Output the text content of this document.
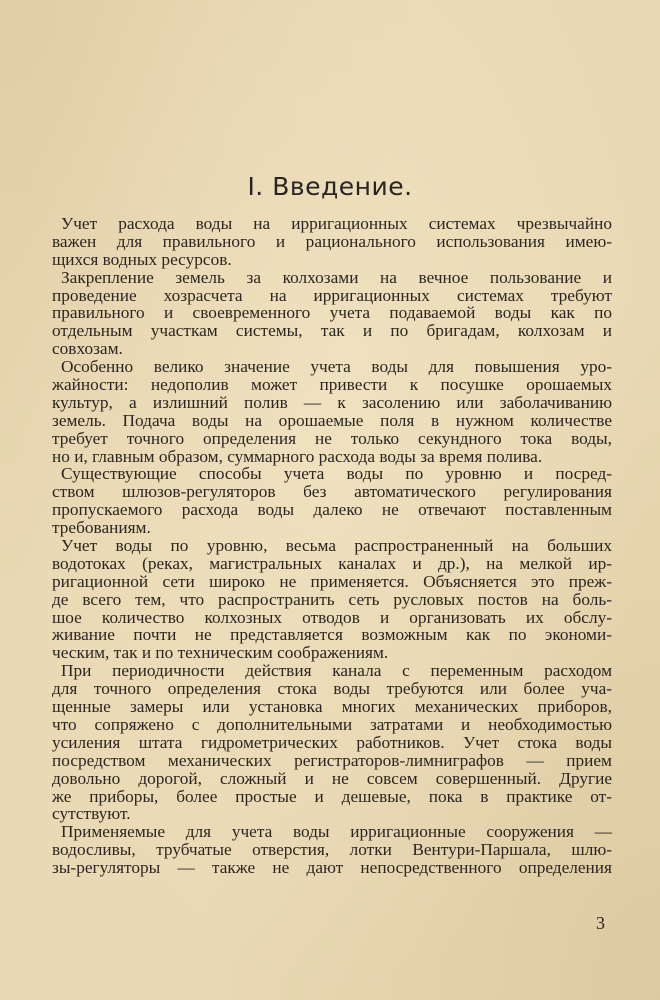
I. Введение.

Учет расхода воды на ирригационных системах чрезвычайно
важен для правильного и рационального использования имею-
щихся водных ресурсов.

Закрепление земель за колхозами на вечное пользование и
проведение хозрасчета на ирригационных системах требуют
правильного и своевременного учета подаваемой воды как по
отдельным участкам системы, так и по бригадам, колхозам и
совхозам.

Особенно велико значение учета воды для повышения уро-
жайности: недополив может привести к посушке орошаемых
культур, а излишний полив — к засолению или заболачиванию
земель. Подача воды на орошаемые поля в нужном количестве
требует точного определения не только секундного тока воды,
но и, главным образом, суммарного расхода воды за время полива.

Существующие способы учета воды по уровню и посред-
ством шлюзов-регуляторов без автоматического регулирования
пропускаемого расхода воды далеко не отвечают поставленным
требованиям.

Учет воды по уровню, весьма распространенный на больших
водотоках (реках, магистральных каналах и др.), на мелкой ир-
ригационной сети широко не применяется. Объясняется это преж-
де всего тем, что распространить сеть русловых постов на боль-
шое количество колхозных отводов и организовать их обслу-
живание почти не представляется возможным как по экономи-
ческим, так и по техническим соображениям.

При периодичности действия канала с переменным расходом
для точного определения стока воды требуются или более уча-
щенные замеры или установка многих механических приборов,
что сопряжено с дополнительными затратами и необходимостью
усиления штата гидрометрических работников. Учет стока воды
посредством механических регистраторов-лимниграфов — прием
довольно дорогой, сложный и не совсем совершенный. Другие
же приборы, более простые и дешевые, пока в практике от-
сутствуют.

Применяемые для учета воды ирригационные сооружения —
водосливы, трубчатые отверстия, лотки Вентури-Паршала, шлю-
зы-регуляторы — также не дают непосредственного определения

3
